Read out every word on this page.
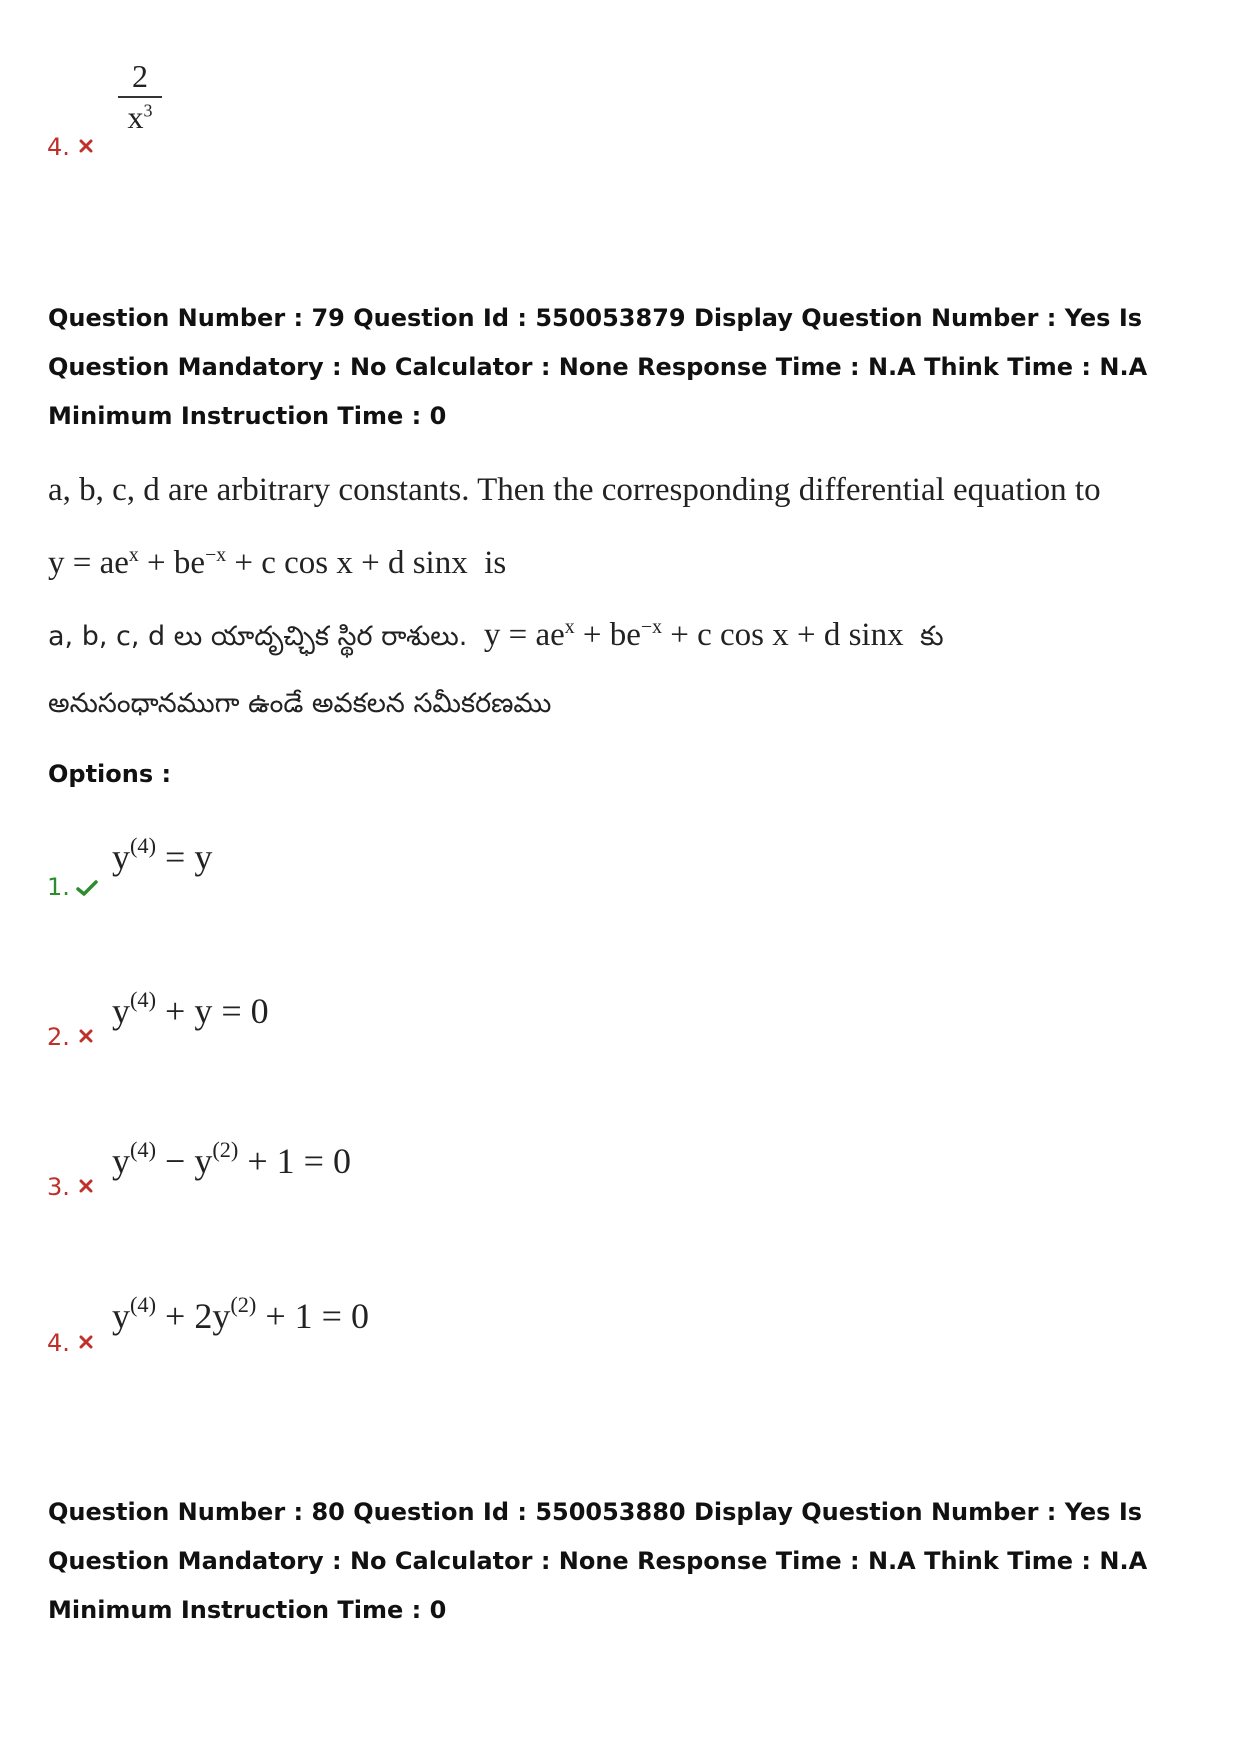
4.
2
$x^3$
Question Number : 79 Question Id : 550053879 Display Question Number : Yes Is Question Mandatory : No Calculator : None Response Time : N.A Think Time : N.A Minimum Instruction Time : 0
a, b, c, d are arbitrary constants. Then the corresponding differential equation to
$y = ae^x + be^{-x} + c$ cos x + d sinx is
a, b, c, d లు యాదృచ్ఛిక స్థిర రాశులు. $y = ae^x + be^{-x} + c$ cos x + d sinx కు
అనుసంధానముగా ఉండే అవకలన సమీకరణము
Options :
1.
$y^{(4)} = y$
2.
$y^{(4)} + y = 0$
3.
$y^{(4)} - y^{(2)} + 1 = 0$
4.
$y^{(4)} + 2y^{(2)} + 1 = 0$
Question Number : 80 Question Id : 550053880 Display Question Number : Yes Is Question Mandatory : No Calculator : None Response Time : N.A Think Time : N.A Minimum Instruction Time : 0
